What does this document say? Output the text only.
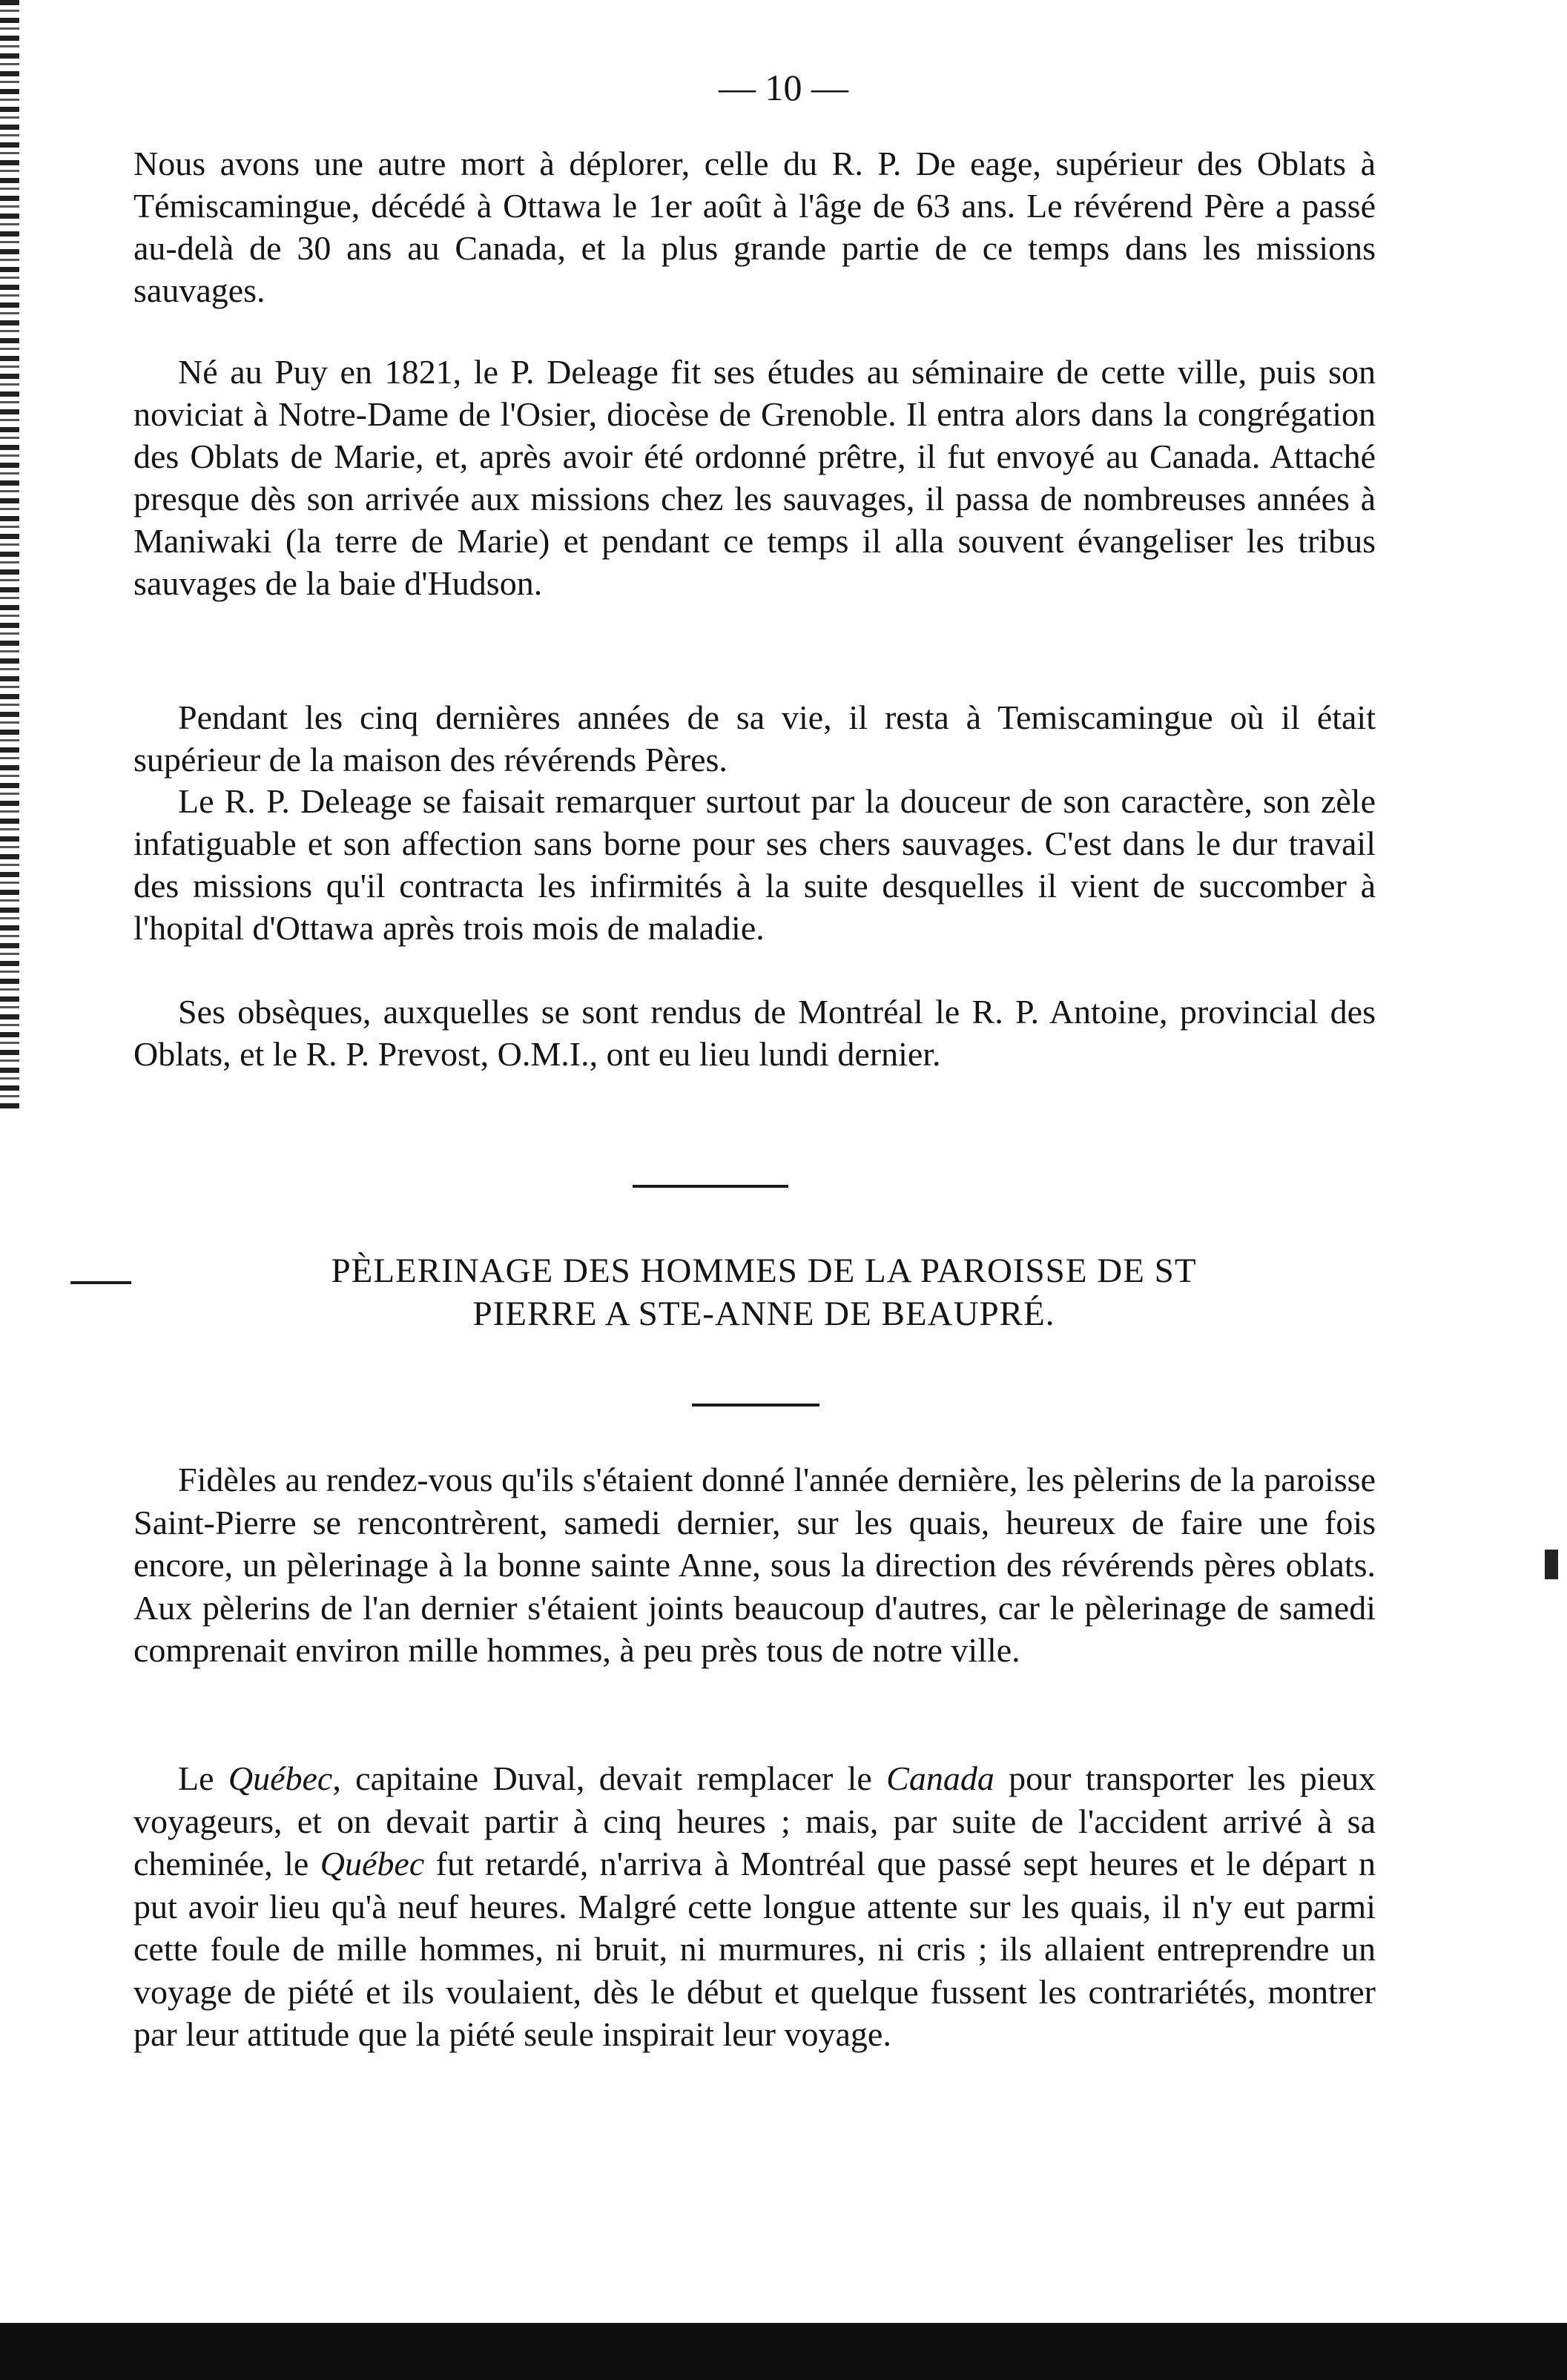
— 10 —

Nous avons une autre mort à déplorer, celle du R. P. De eage, supérieur des Oblats à Témiscamingue, décédé à Ottawa le 1er août à l'âge de 63 ans. Le révérend Père a passé au-delà de 30 ans au Canada, et la plus grande partie de ce temps dans les missions sauvages.

Né au Puy en 1821, le P. Deleage fit ses études au séminaire de cette ville, puis son noviciat à Notre-Dame de l'Osier, diocèse de Grenoble. Il entra alors dans la congrégation des Oblats de Marie, et, après avoir été ordonné prêtre, il fut envoyé au Canada. Attaché presque dès son arrivée aux missions chez les sauvages, il passa de nombreuses années à Maniwaki (la terre de Marie) et pendant ce temps il alla souvent évangeliser les tribus sauvages de la baie d'Hudson.

Pendant les cinq dernières années de sa vie, il resta à Temiscamingue où il était supérieur de la maison des révérends Pères.

Le R. P. Deleage se faisait remarquer surtout par la douceur de son caractère, son zèle infatiguable et son affection sans borne pour ses chers sauvages. C'est dans le dur travail des missions qu'il contracta les infirmités à la suite desquelles il vient de succomber à l'hopital d'Ottawa après trois mois de maladie.

Ses obsèques, auxquelles se sont rendus de Montréal le R. P. Antoine, provincial des Oblats, et le R. P. Prevost, O.M.I., ont eu lieu lundi dernier.

PÈLERINAGE DES HOMMES DE LA PAROISSE DE ST
PIERRE A STE-ANNE DE BEAUPRÉ.

Fidèles au rendez-vous qu'ils s'étaient donné l'année dernière, les pèlerins de la paroisse Saint-Pierre se rencontrèrent, samedi dernier, sur les quais, heureux de faire une fois encore, un pèlerinage à la bonne sainte Anne, sous la direction des révérends pères oblats. Aux pèlerins de l'an dernier s'étaient joints beaucoup d'autres, car le pèlerinage de samedi comprenait environ mille hommes, à peu près tous de notre ville.

Le Québec, capitaine Duval, devait remplacer le Canada pour transporter les pieux voyageurs, et on devait partir à cinq heures ; mais, par suite de l'accident arrivé à sa cheminée, le Québec fut retardé, n'arriva à Montréal que passé sept heures et le départ n put avoir lieu qu'à neuf heures. Malgré cette longue attente sur les quais, il n'y eut parmi cette foule de mille hommes, ni bruit, ni murmures, ni cris ; ils allaient entreprendre un voyage de piété et ils voulaient, dès le début et quelque fussent les contrariétés, montrer par leur attitude que la piété seule inspirait leur voyage.
